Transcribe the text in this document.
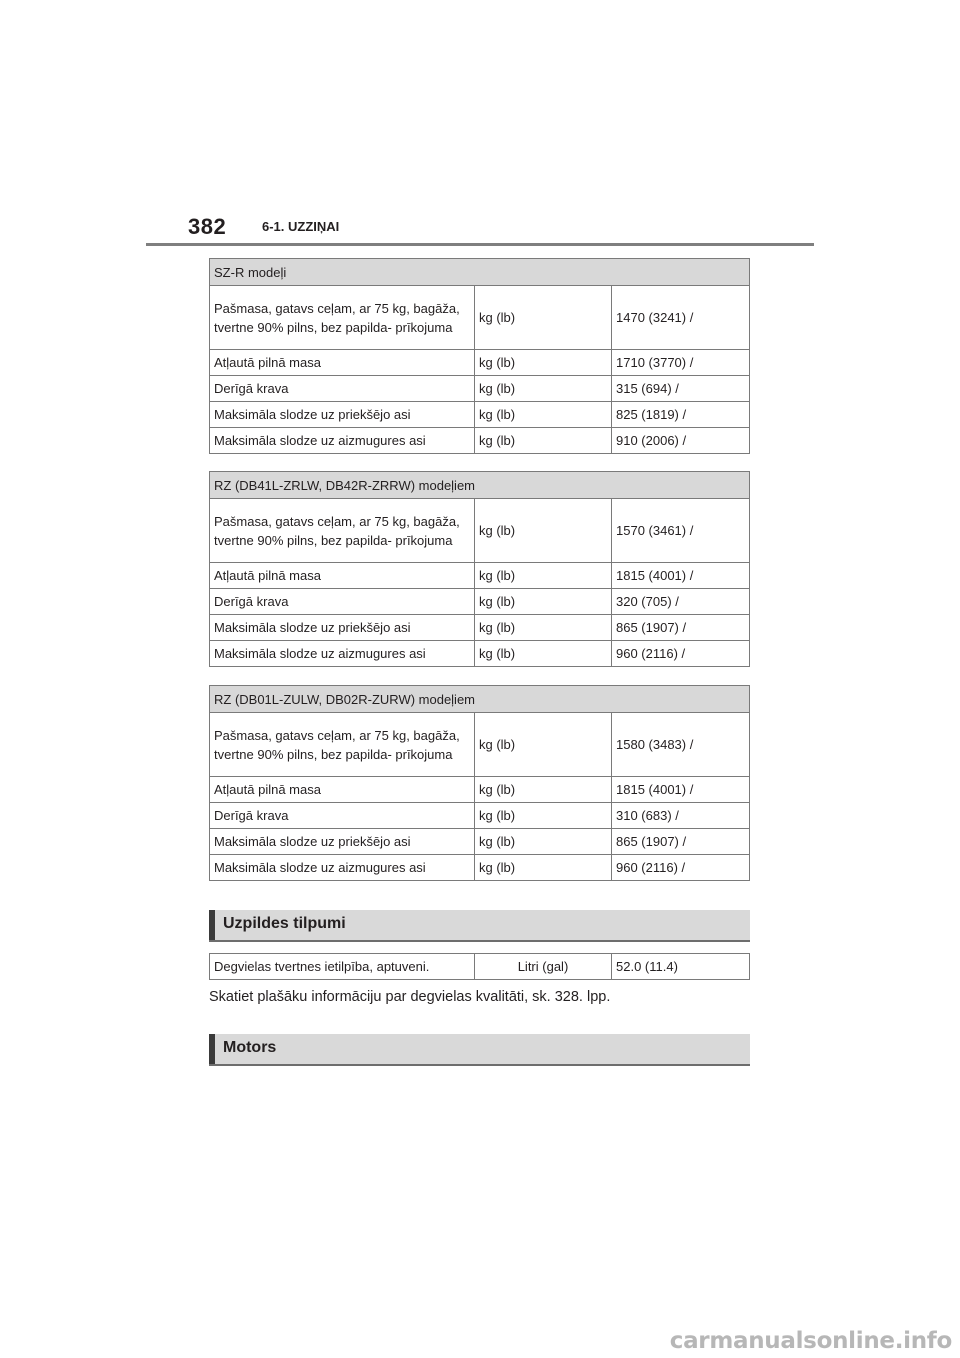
382	6-1. UZZIŅAI
SZ-R modeļi		
Pašmasa, gatavs ceļam, ar 75 kg, bagāža, tvertne 90% pilns, bez papilda- prīkojuma	kg (lb)	1470 (3241) /
Atļautā pilnā masa	kg (lb)	1710 (3770) /
Derīgā krava	kg (lb)	315 (694) /
Maksimāla slodze uz priekšējo asi	kg (lb)	825 (1819) /
Maksimāla slodze uz aizmugures asi	kg (lb)	910 (2006) /
RZ (DB41L-ZRLW, DB42R-ZRRW) modeļiem		
Pašmasa, gatavs ceļam, ar 75 kg, bagāža, tvertne 90% pilns, bez papilda- prīkojuma	kg (lb)	1570 (3461) /
Atļautā pilnā masa	kg (lb)	1815 (4001) /
Derīgā krava	kg (lb)	320 (705) /
Maksimāla slodze uz priekšējo asi	kg (lb)	865 (1907) /
Maksimāla slodze uz aizmugures asi	kg (lb)	960 (2116) /
RZ (DB01L-ZULW, DB02R-ZURW) modeļiem		
Pašmasa, gatavs ceļam, ar 75 kg, bagāža, tvertne 90% pilns, bez papilda- prīkojuma	kg (lb)	1580 (3483) /
Atļautā pilnā masa	kg (lb)	1815 (4001) /
Derīgā krava	kg (lb)	310 (683) /
Maksimāla slodze uz priekšējo asi	kg (lb)	865 (1907) /
Maksimāla slodze uz aizmugures asi	kg (lb)	960 (2116) /
Uzpildes tilpumi
Degvielas tvertnes ietilpība, aptuveni.	Litri (gal)	52.0 (11.4)
Skatiet plašāku informāciju par degvielas kvalitāti, sk. 328. lpp.
Motors
carmanualsonline.info
